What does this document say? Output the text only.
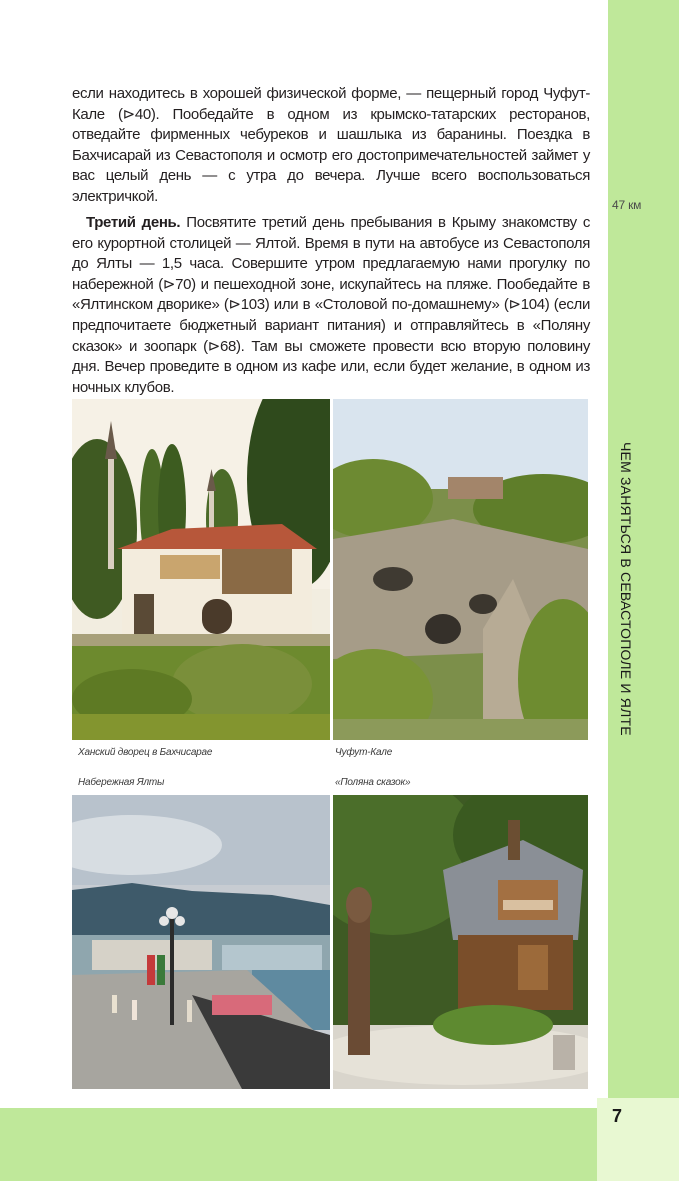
7
47 км
ЧЕМ ЗАНЯТЬСЯ В СЕВАСТОПОЛЕ И ЯЛТЕ
если находитесь в хорошей физической форме, — пещерный город Чуфут-Кале (⊳40). Пообедайте в одном из крымско-татарских ресторанов, отведайте фирменных чебуреков и шашлыка из баранины. Поездка в Бахчисарай из Севастополя и осмотр его достопримечательностей займет у вас целый день — с утра до вечера. Лучше всего воспользоваться электричкой.
Третий день. Посвятите третий день пребывания в Крыму знакомству с его курортной столицей — Ялтой. Время в пути на автобусе из Севастополя до Ялты — 1,5 часа. Совершите утром предлагаемую нами прогулку по набережной (⊳70) и пешеходной зоне, искупайтесь на пляже. Пообедайте в «Ялтинском дворике» (⊳103) или в «Столовой по-домашнему» (⊳104) (если предпочитаете бюджетный вариант питания) и отправляйтесь в «Поляну сказок» и зоопарк (⊳68). Там вы сможете провести всю вторую половину дня. Вечер проведите в одном из кафе или, если будет желание, в одном из ночных клубов.
Ханский дворец в Бахчисарае	Чуфут-Кале
Набережная Ялты	«Поляна сказок»
